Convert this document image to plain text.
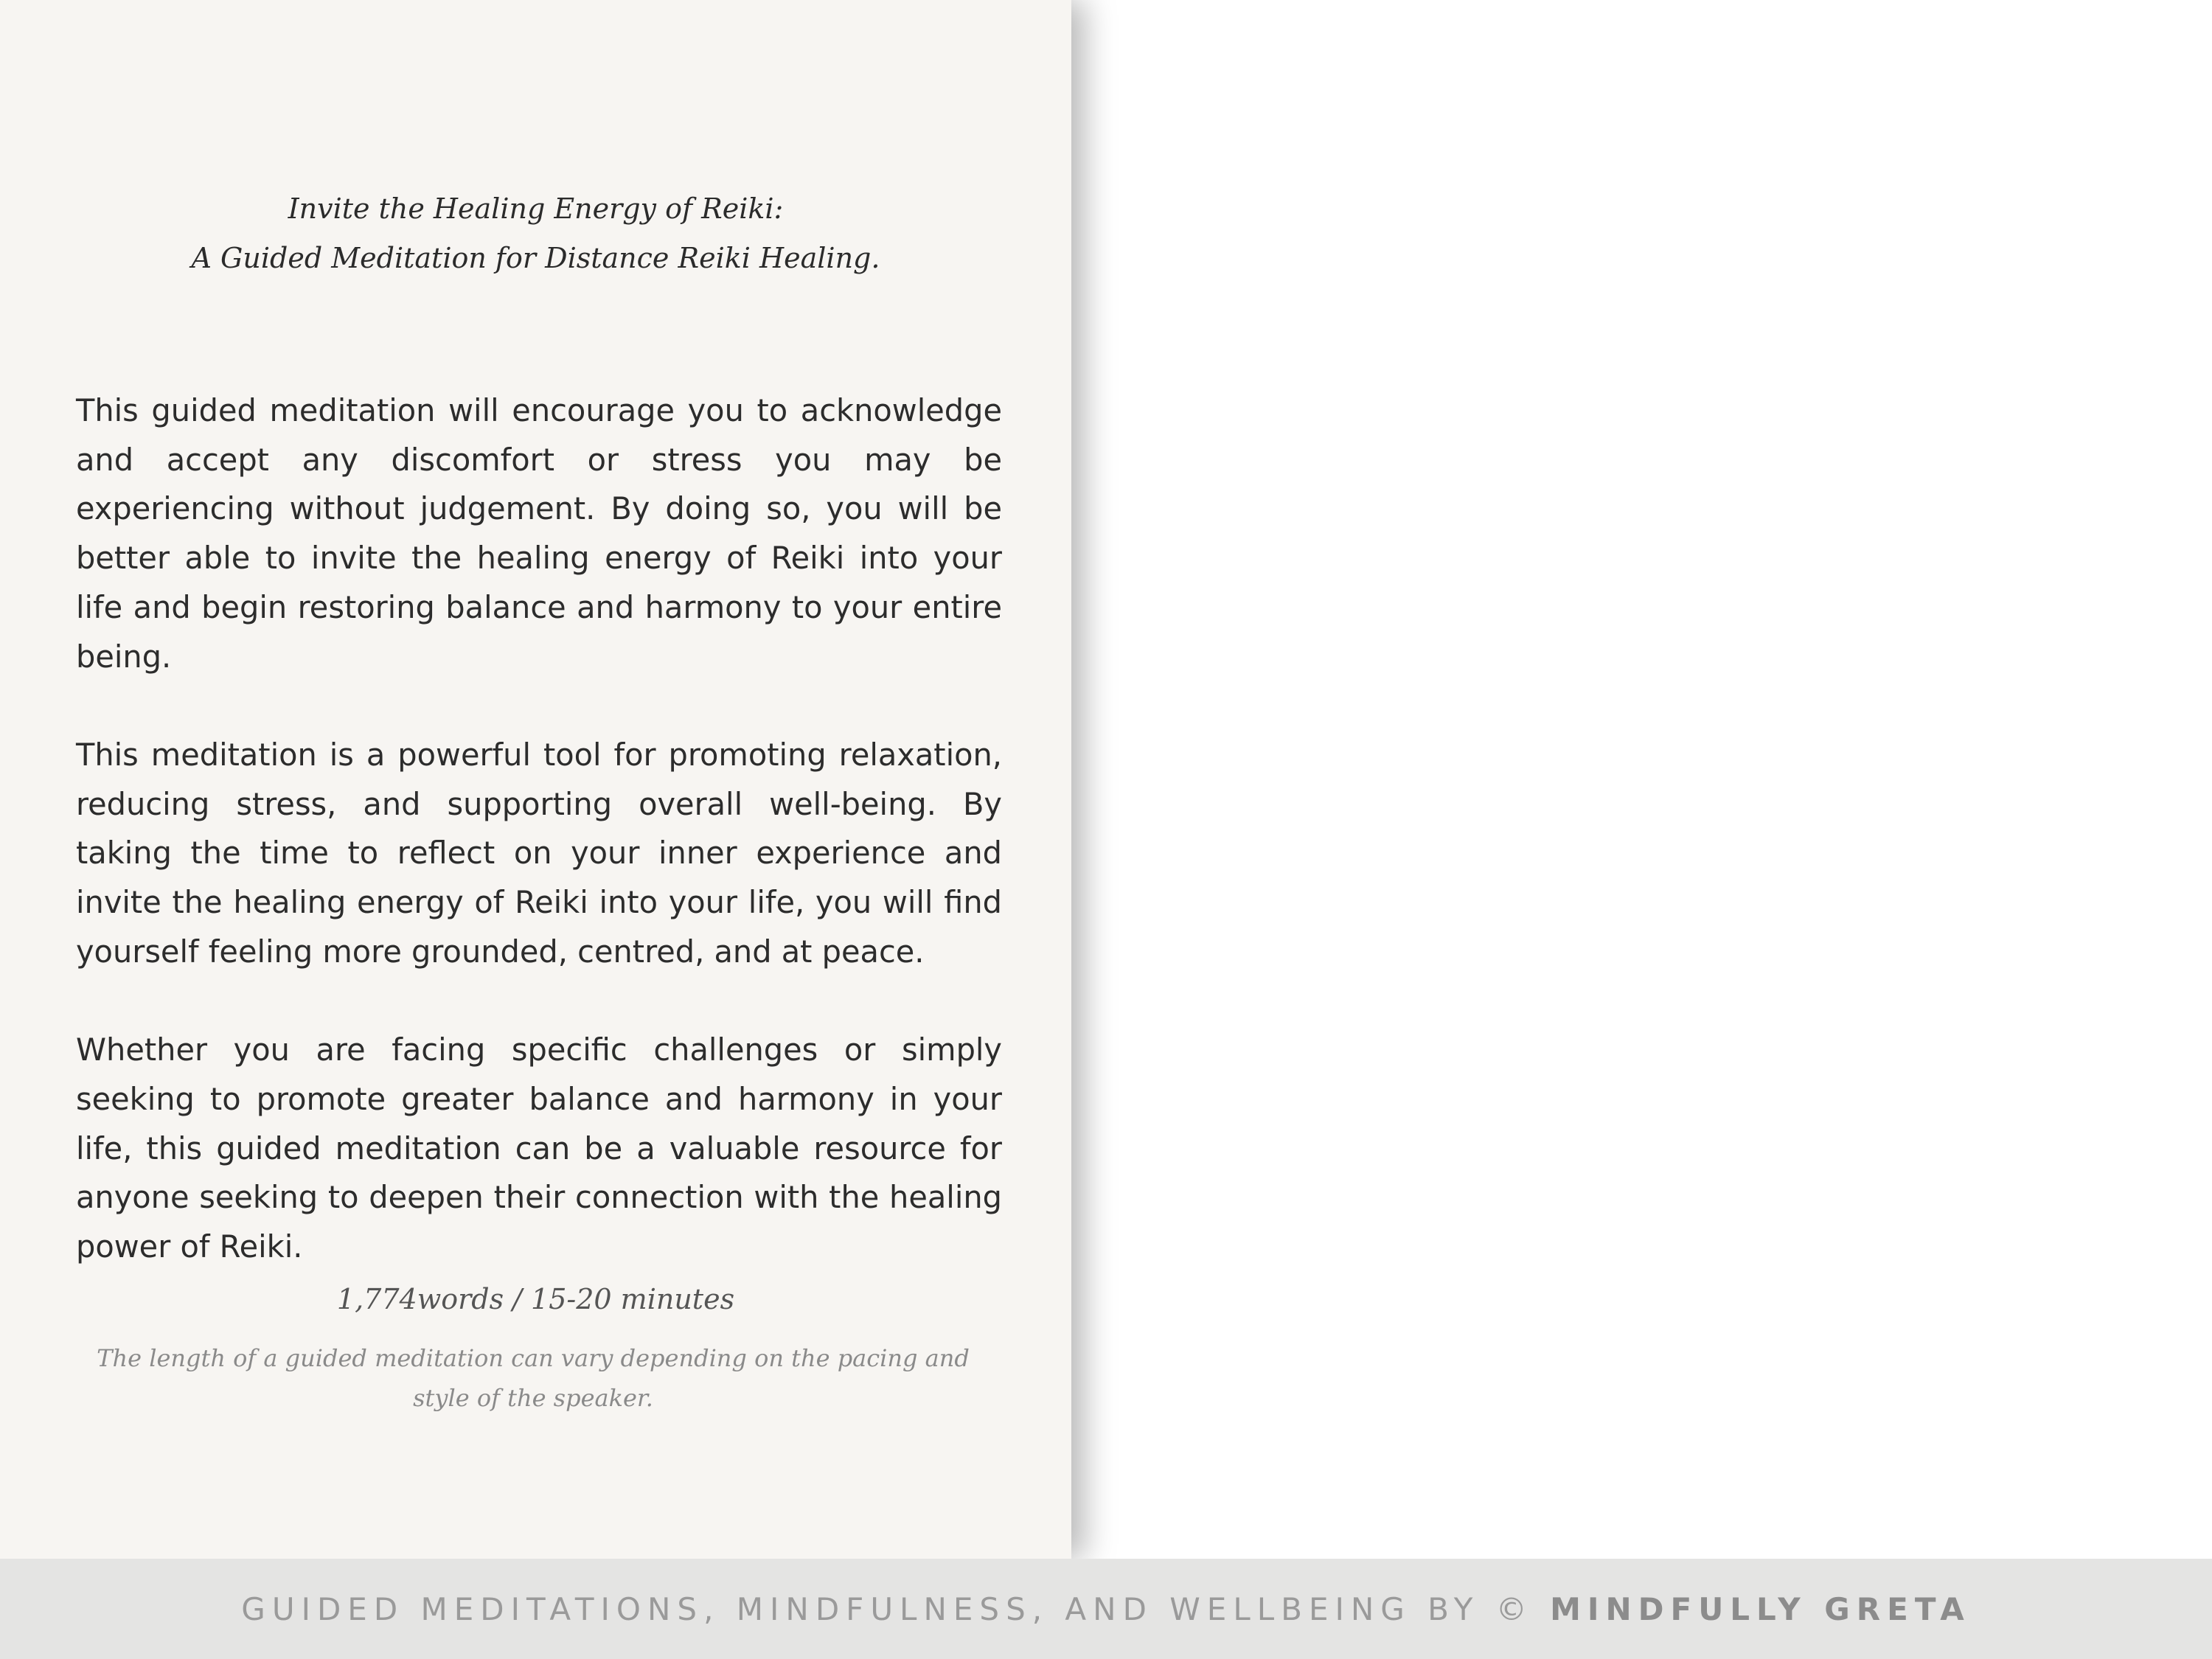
Invite the Healing Energy of Reiki:
A Guided Meditation for Distance Reiki Healing.

This guided meditation will encourage you to acknowledge and accept any discomfort or stress you may be experiencing without judgement. By doing so, you will be better able to invite the healing energy of Reiki into your life and begin restoring balance and harmony to your entire being.

This meditation is a powerful tool for promoting relaxation, reducing stress, and supporting overall well-being. By taking the time to reflect on your inner experience and invite the healing energy of Reiki into your life, you will find yourself feeling more grounded, centred, and at peace.

Whether you are facing specific challenges or simply seeking to promote greater balance and harmony in your life, this guided meditation can be a valuable resource for anyone seeking to deepen their connection with the healing power of Reiki.

1,774words / 15-20 minutes
The length of a guided meditation can vary depending on the pacing and style of the speaker.

GUIDED MEDITATIONS, MINDFULNESS, AND WELLBEING BY © MINDFULLY GRETA
